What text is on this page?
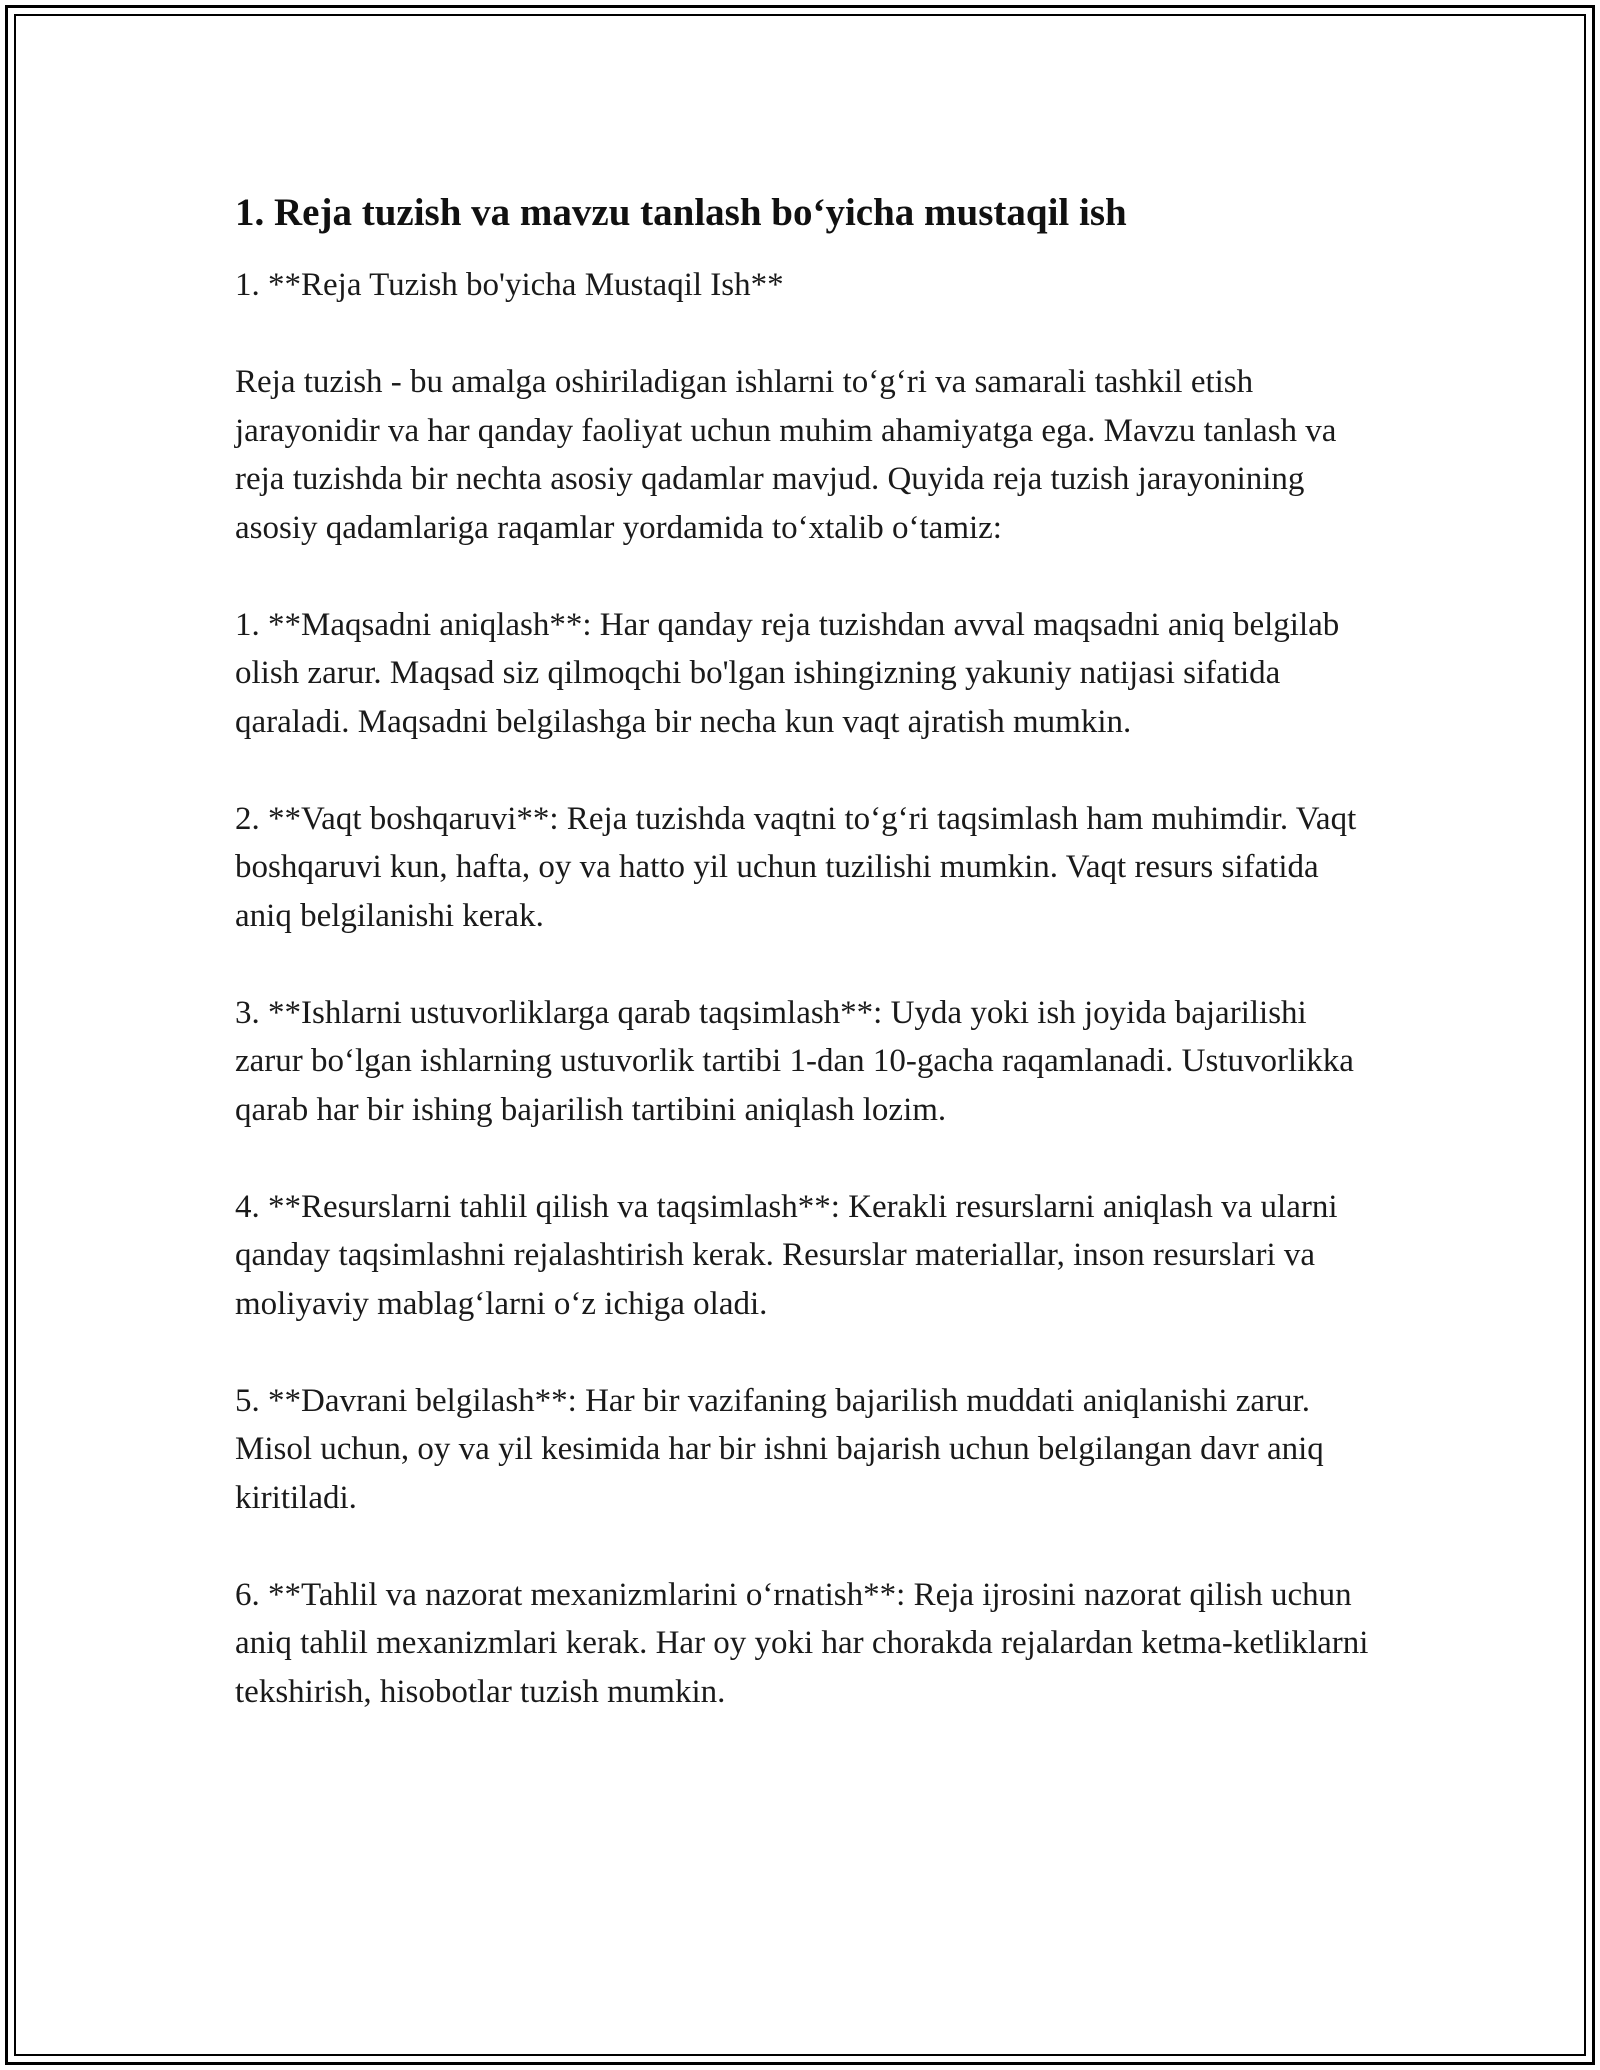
1. Reja tuzish va mavzu tanlash bo‘yicha mustaqil ish

1. **Reja Tuzish bo'yicha Mustaqil Ish**

Reja tuzish - bu amalga oshiriladigan ishlarni to‘g‘ri va samarali tashkil etish jarayonidir va har qanday faoliyat uchun muhim ahamiyatga ega. Mavzu tanlash va reja tuzishda bir nechta asosiy qadamlar mavjud. Quyida reja tuzish jarayonining asosiy qadamlariga raqamlar yordamida to‘xtalib o‘tamiz:

1. **Maqsadni aniqlash**: Har qanday reja tuzishdan avval maqsadni aniq belgilab olish zarur. Maqsad siz qilmoqchi bo'lgan ishingizning yakuniy natijasi sifatida qaraladi. Maqsadni belgilashga bir necha kun vaqt ajratish mumkin.

2. **Vaqt boshqaruvi**: Reja tuzishda vaqtni to‘g‘ri taqsimlash ham muhimdir. Vaqt boshqaruvi kun, hafta, oy va hatto yil uchun tuzilishi mumkin. Vaqt resurs sifatida aniq belgilanishi kerak.

3. **Ishlarni ustuvorliklarga qarab taqsimlash**: Uyda yoki ish joyida bajarilishi zarur bo‘lgan ishlarning ustuvorlik tartibi 1-dan 10-gacha raqamlanadi. Ustuvorlikka qarab har bir ishing bajarilish tartibini aniqlash lozim.

4. **Resurslarni tahlil qilish va taqsimlash**: Kerakli resurslarni aniqlash va ularni qanday taqsimlashni rejalashtirish kerak. Resurslar materiallar, inson resurslari va moliyaviy mablag‘larni o‘z ichiga oladi.

5. **Davrani belgilash**: Har bir vazifaning bajarilish muddati aniqlanishi zarur. Misol uchun, oy va yil kesimida har bir ishni bajarish uchun belgilangan davr aniq kiritiladi.

6. **Tahlil va nazorat mexanizmlarini o‘rnatish**: Reja ijrosini nazorat qilish uchun aniq tahlil mexanizmlari kerak. Har oy yoki har chorakda rejalardan ketma-ketliklarni tekshirish, hisobotlar tuzish mumkin.
